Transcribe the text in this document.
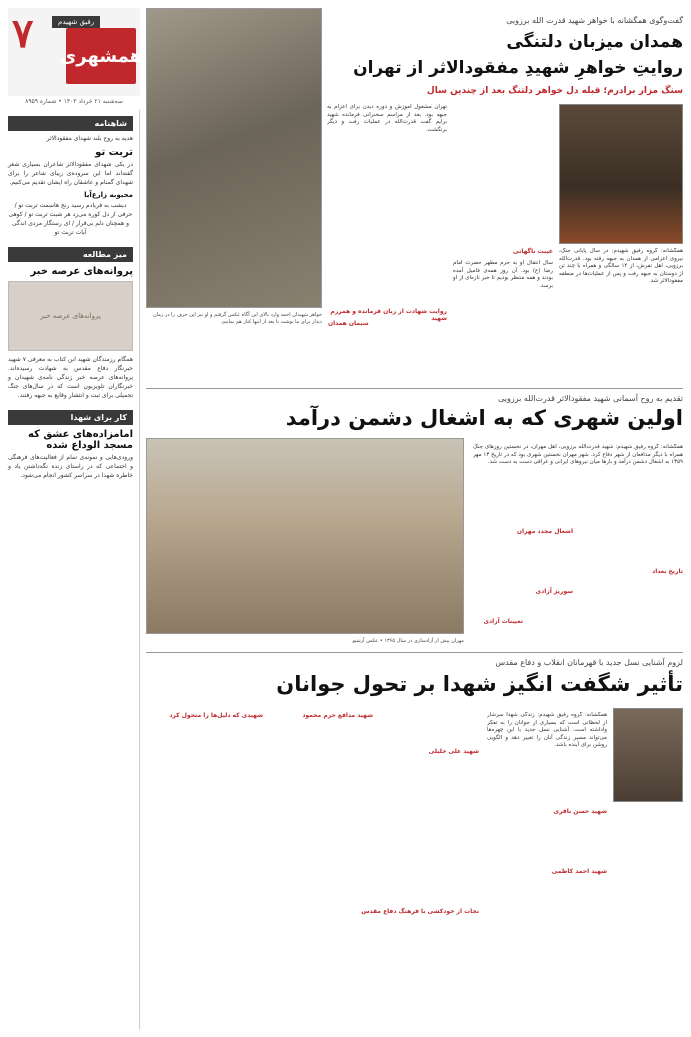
۷	رفیق شهیدم
همشهری
سه‌شنبه ۲۱ خرداد ۱۴۰۳ • شماره ۸۹۵۹
شاهنامه
هدیه به روح بلند شهدای مفقودالاثر
تربت تو
در یکی شهدای مفقودالاثر شاعران بسیاری شعر گفته‌اند اما این سروده‌ی زیبای شاعر را برای شهدای گمنام و عاشقان راه ایشان تقدیم می‌کنیم.
محبوبه زارع‌آبا
دیشب به فریادم رسید رنج هاسمت تربت تو / حرفی از دل کوره می‌زد هر شبت تربت تو / کوهی و همچنان دلم بی‌قرار / ای رستگار مردی اندگی آیات تربت تو
میز مطالعه
پروانه‌های عرصه خبر
پروانه‌های عرصه خبر
همگام رزمندگان شهید ابن کتاب به معرفی ۷ شهید خبرنگار دفاع مقدس به شهادت رسیده‌اند. پروانه‌های عرصه خبر زندگی نامه‌ی شهیدان و خبرنگاران تلویزیون است که در سال‌های جنگ تحمیلی برای ثبت و انتشار وقایع به جبهه رفتند.
کار برای شهدا
امامزاده‌های عشق که مسجد الوداع شده
ورودی‌هایی و نمونه‌ی تمام از فعالیت‌های فرهنگی و اجتماعی که در راستای زنده نگه‌داشتن یاد و خاطره شهدا در سراسر کشور انجام می‌شود.
گفت‌وگوی همگشانه با خواهر شهید قدرت الله برزویی
همدان میزبان دلتنگی
روایتِ خواهرِ شهیدِ مفقودالاثر از تهران
سنگ مزار برادرم؛ قبله دل خواهر دلتنگ بعد از چندین سال
خواهر شهیدان احمد وارد بالای این آگاه عکس گرفتم و او نیز این حرف را در زمان دیدار برای ما نوشت تا بعد از اینها کنار هم بمانیم.
همگشانه: گروه رفیق شهیدم: در سال پایانی جنگ، نیروی اعزامی از همدان به جبهه رفته بود. قدرت‌الله برزویی، اهل تفرش، از ۱۴ سالگی و همراه با چند تن از دوستان به جبهه رفت و پس از عملیات‌ها در منطقه مفقودالاثر شد.
غیبت ناگهانی
سال انتقال او به حرم مطهر حضرت امام رضا (ع) بود. آن روز همه‌ی فامیل آمده بودند و همه منتظر بودیم تا خبر تازه‌ای از او برسد.
تهران مشغول آموزش و دوره دیدن برای اعزام به جبهه بود. بعد از مراسم سخنرانی فرمانده شهید برایم گفت قدرت‌الله در عملیات رفت و دیگر برنگشت.
روایت شهادت از زبان فرمانده و همرزم شهید
سیمان همدان
تقدیم به روح آسمانی شهید مفقودالاثر قدرت‌الله برزویی
اولین شهری که به اشغال دشمن درآمد
مهران پیش از آزادسازی در سال ۱۳۶۵ • عکس آرشیو
همگشانه: گروه رفیق شهیدم: شهید قدرت‌الله برزویی، اهل مهران، در نخستین روزهای جنگ همراه با دیگر مدافعان از شهر دفاع کرد. شهر مهران نخستین شهری بود که در تاریخ ۱۳ مهر ۱۳۵۹ به اشغال دشمن درآمد و بارها میان نیروهای ایرانی و عراقی دست به دست شد.
تاریخ بغداد
اشغال مجدد مهران
سوریز آزادی
تعیینات آزادی
لزوم آشنایی نسل جدید با قهرمانان انقلاب و دفاع مقدس
تأثیر شگفت انگیز شهدا بر تحول جوانان
همگشانه: گروه رفیق شهیدم: زندگی شهدا سرشار از لحظاتی است که بسیاری از جوانان را به تفکر واداشته است. آشنایی نسل جدید با این چهره‌ها می‌تواند مسیر زندگی آنان را تغییر دهد و الگویی روشن برای آینده باشد.
شهید حسن باقری
شهید احمد کاظمی
شهید علی خلیلی
شهید مدافع حرم محمود
شهیدی که دلیل‌ها را متحول کرد
نجات از خودکشی با فرهنگ دفاع مقدس
